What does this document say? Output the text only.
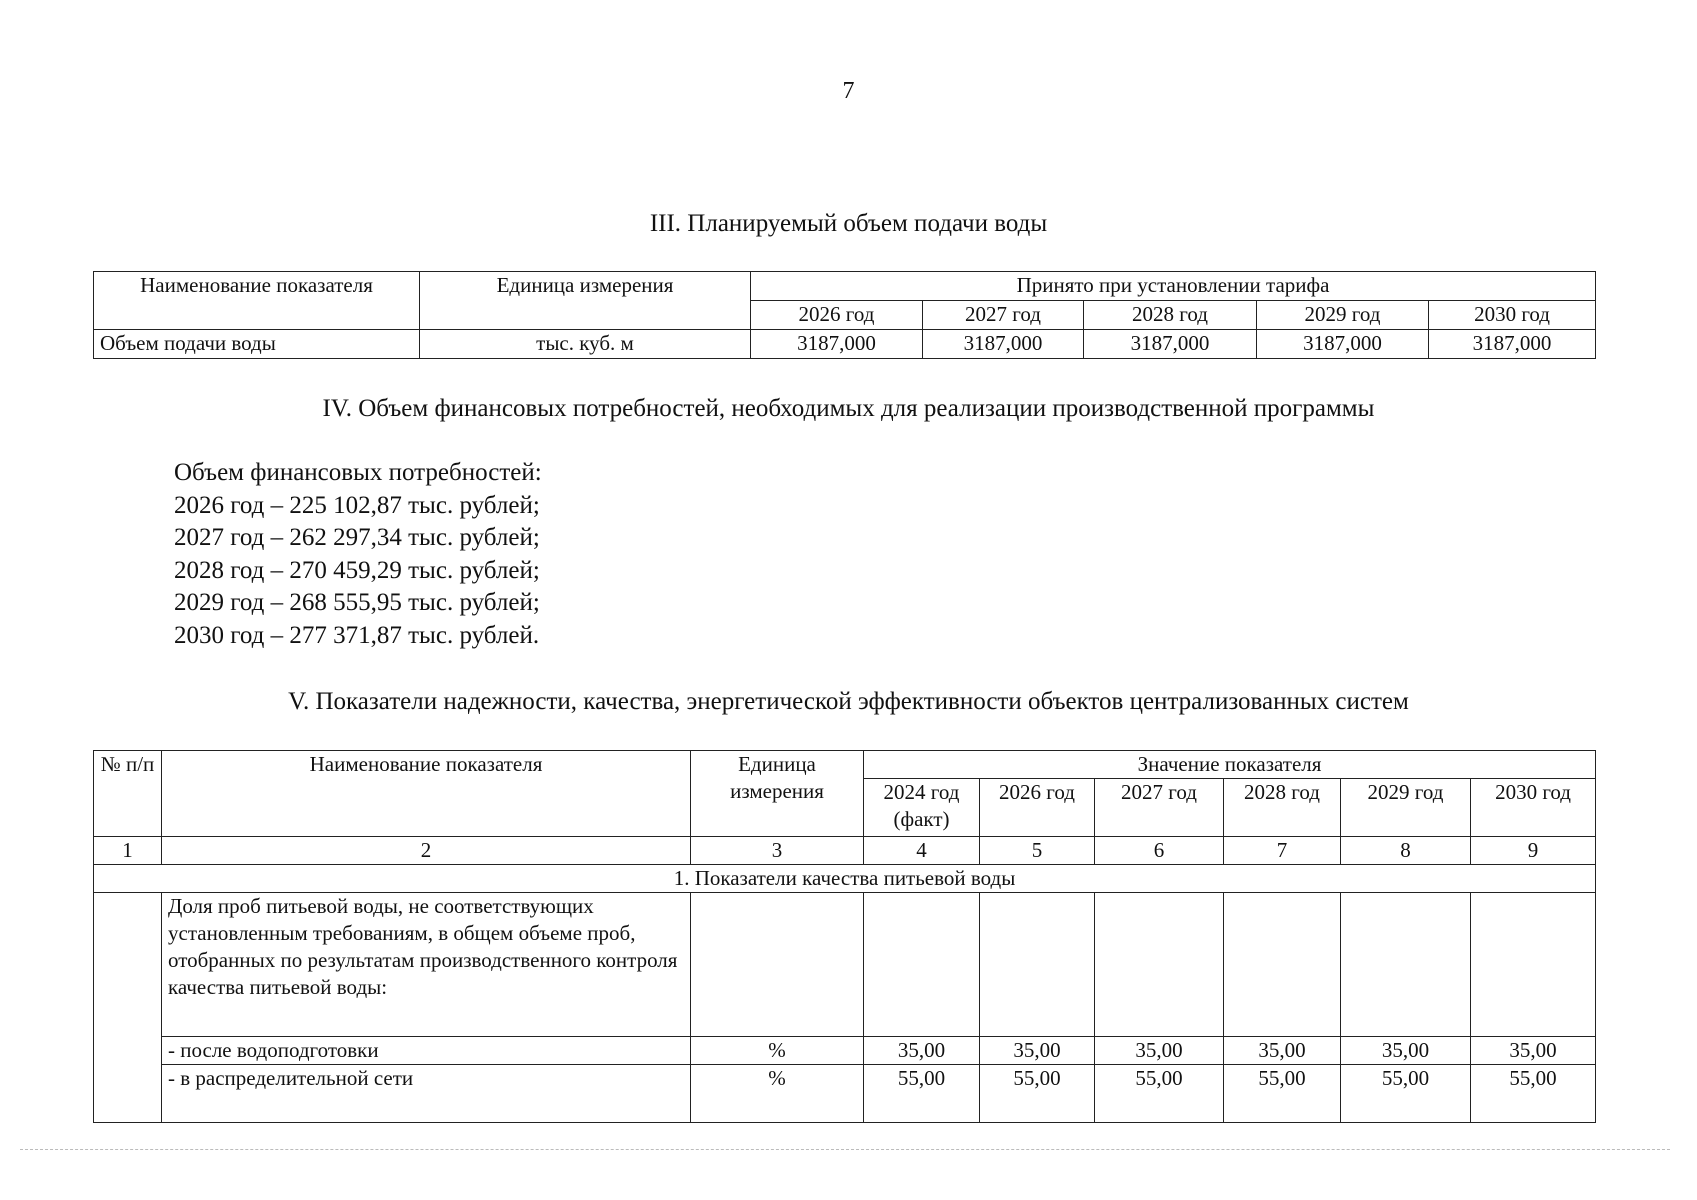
7
III. Планируемый объем подачи воды
Наименование показателя	Единица измерения	Принято при установлении тарифа				
		2026 год	2027 год	2028 год	2029 год	2030 год
Объем подачи воды	тыс. куб. м	3187,000	3187,000	3187,000	3187,000	3187,000
IV. Объем финансовых потребностей, необходимых для реализации производственной программы
Объем финансовых потребностей:
2026 год – 225 102,87 тыс. рублей;
2027 год – 262 297,34 тыс. рублей;
2028 год – 270 459,29 тыс. рублей;
2029 год – 268 555,95 тыс. рублей;
2030 год – 277 371,87 тыс. рублей.
V. Показатели надежности, качества, энергетической эффективности объектов централизованных систем
№ п/п	Наименование показателя	Единица измерения	Значение показателя					
			2024 год (факт)	2026 год	2027 год	2028 год	2029 год	2030 год
1	2	3	4	5	6	7	8	9
1. Показатели качества питьевой воды								
	Доля проб питьевой воды, не соответствующих установленным требованиям, в общем объеме проб, отобранных по результатам производственного контроля качества питьевой воды:							
	- после водоподготовки	%	35,00	35,00	35,00	35,00	35,00	35,00
	- в распределительной сети	%	55,00	55,00	55,00	55,00	55,00	55,00
